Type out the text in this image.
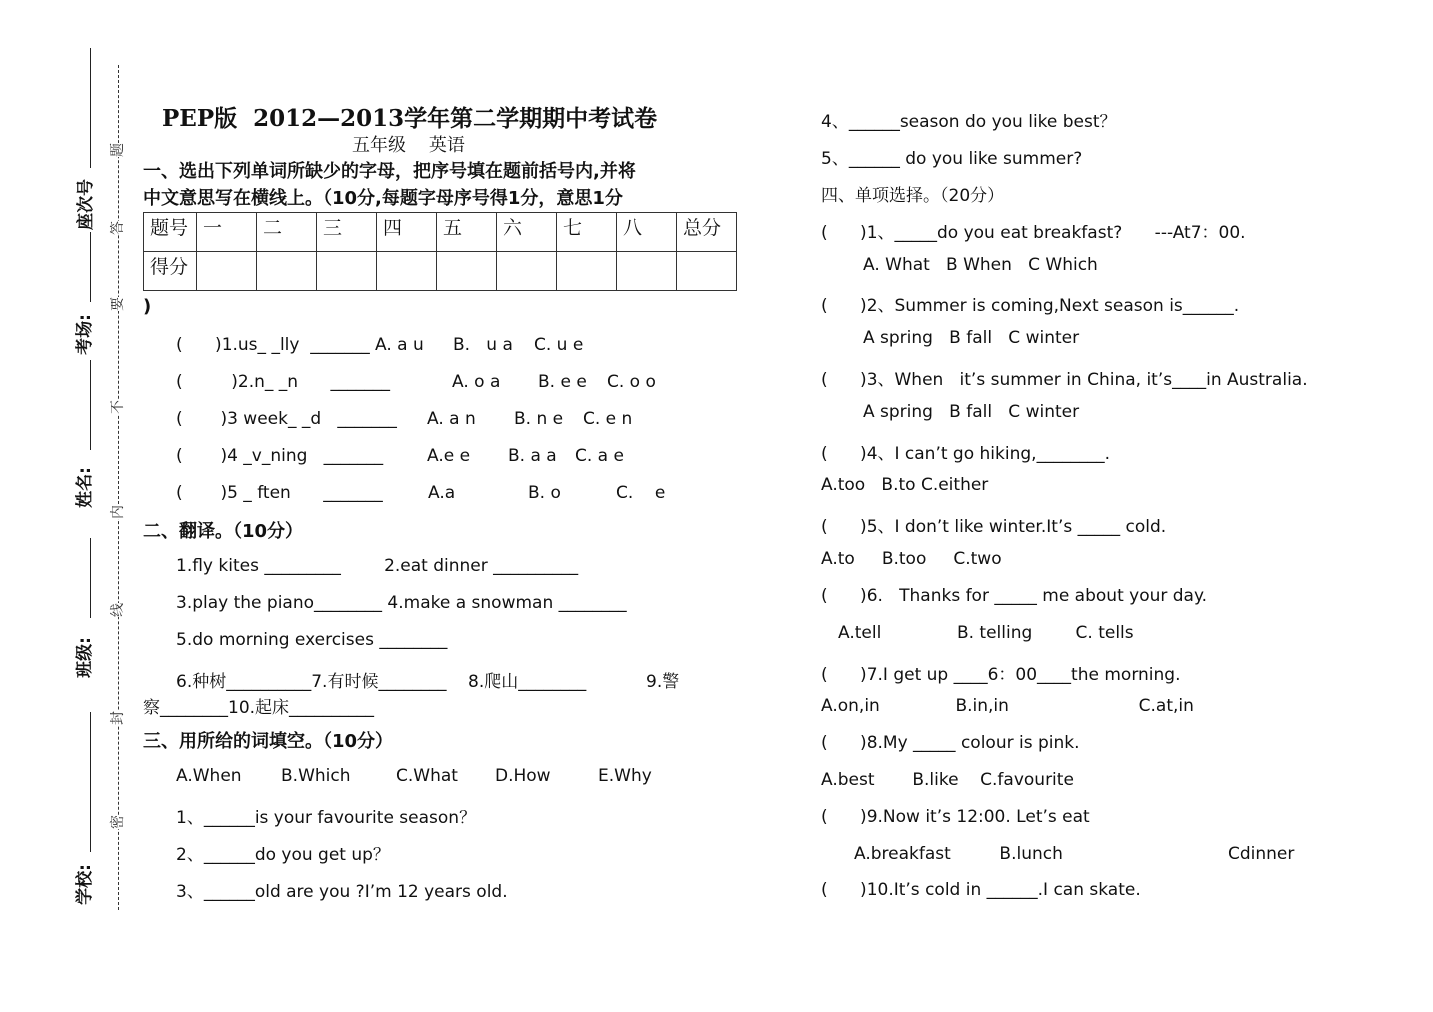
座次号
考场:
姓名:
班级:
学校:
题
答
要
不
内
线
封
密
PEP版  2012—2013学年第二学期期中考试卷
五年级    英语
一、选出下列单词所缺少的字母，把序号填在题前括号内,并将
中文意思写在横线上。（10分,每题字母序号得1分，意思1分
题号	一	二	三	四	五	六	七	八	总分
得分									
)
(      )1.us_ _lly  _______ A. a u B.   u a C. u e
(         )2.n_ _n      _______	A. o a B. e e C. o o
(       )3 week_ _d   _______ A. a n B. n e C. e n
(       )4 _v_ning   _______	A.e e B. a a C. a e
(       )5 _ ften      _______	A.a	B. o	C.    e
二、翻译。（10分）
1.fly kites _________        2.eat dinner __________
3.play the piano________ 4.make a snowman ________
5.do morning exercises ________
6.种树__________7.有时候________    8.爬山________	9.警
察________10.起床__________
三、用所给的词填空。（10分）
A.When B.Which	C.What D.How	E.Why
1、______is your favourite season？
2、______do you get up？
3、______old are you ?I’m 12 years old.
4、______season do you like best？
5、______ do you like summer?
四、单项选择。（20分）
(      )1、_____do you eat breakfast?      ---At7：00.
A. What   B When   C Which
(      )2、Summer is coming,Next season is______.
A spring   B fall   C winter
(      )3、When   it’s summer in China, it’s____in Australia.
A spring   B fall   C winter
(      )4、I can’t go hiking,________.
A.too   B.to C.either
(      )5、I don’t like winter.It’s _____ cold.
A.to     B.too     C.two
(      )6.   Thanks for _____ me about your day.
A.tell              B. telling        C. tells
(      )7.I get up ____6：00____the morning.
A.on,in              B.in,in                        C.at,in
(      )8.My _____ colour is pink.
A.best       B.like    C.favourite
(      )9.Now it’s 12:00. Let’s eat
A.breakfast         B.lunch	Cdinner
(      )10.It’s cold in ______.I can skate.
